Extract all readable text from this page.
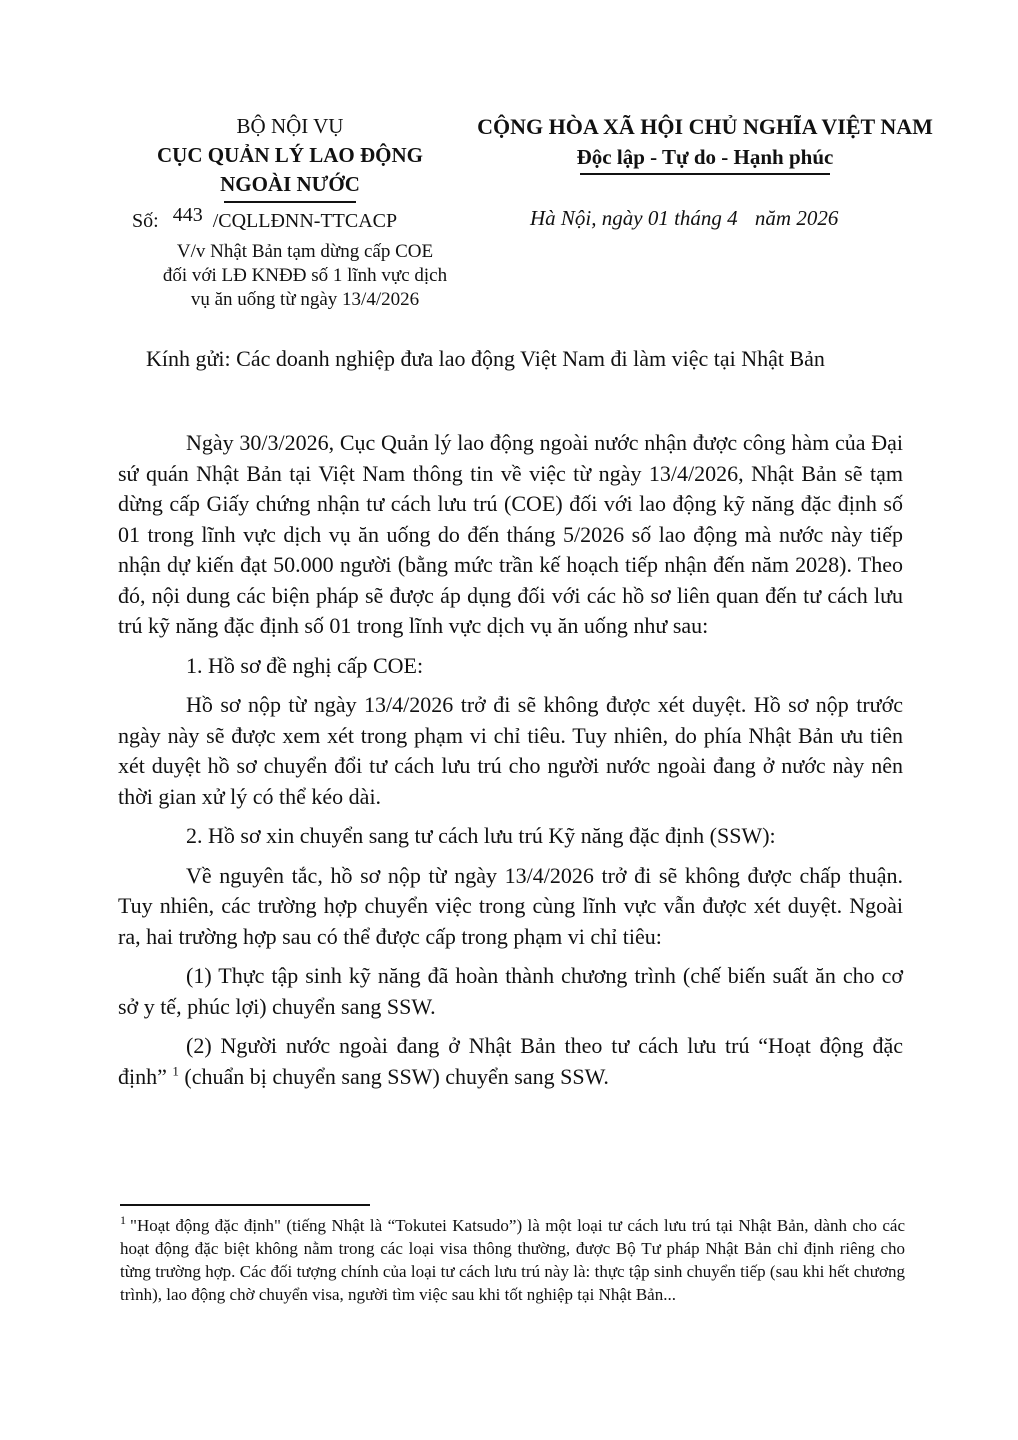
BỘ NỘI VỤ
CỤC QUẢN LÝ LAO ĐỘNG
NGOÀI NƯỚC
Số: 443 /CQLLĐNN-TTCACP
V/v Nhật Bản tạm dừng cấp COE
đối với LĐ KNĐĐ số 1 lĩnh vực dịch
vụ ăn uống từ ngày 13/4/2026
CỘNG HÒA XÃ HỘI CHỦ NGHĨA VIỆT NAM
Độc lập - Tự do - Hạnh phúc
Hà Nội, ngày 01 tháng 4 năm 2026
Kính gửi: Các doanh nghiệp đưa lao động Việt Nam đi làm việc tại Nhật Bản

Ngày 30/3/2026, Cục Quản lý lao động ngoài nước nhận được công hàm của Đại sứ quán Nhật Bản tại Việt Nam thông tin về việc từ ngày 13/4/2026, Nhật Bản sẽ tạm dừng cấp Giấy chứng nhận tư cách lưu trú (COE) đối với lao động kỹ năng đặc định số 01 trong lĩnh vực dịch vụ ăn uống do đến tháng 5/2026 số lao động mà nước này tiếp nhận dự kiến đạt 50.000 người (bằng mức trần kế hoạch tiếp nhận đến năm 2028). Theo đó, nội dung các biện pháp sẽ được áp dụng đối với các hồ sơ liên quan đến tư cách lưu trú kỹ năng đặc định số 01 trong lĩnh vực dịch vụ ăn uống như sau:

1. Hồ sơ đề nghị cấp COE:

Hồ sơ nộp từ ngày 13/4/2026 trở đi sẽ không được xét duyệt. Hồ sơ nộp trước ngày này sẽ được xem xét trong phạm vi chỉ tiêu. Tuy nhiên, do phía Nhật Bản ưu tiên xét duyệt hồ sơ chuyển đổi tư cách lưu trú cho người nước ngoài đang ở nước này nên thời gian xử lý có thể kéo dài.

2. Hồ sơ xin chuyển sang tư cách lưu trú Kỹ năng đặc định (SSW):

Về nguyên tắc, hồ sơ nộp từ ngày 13/4/2026 trở đi sẽ không được chấp thuận. Tuy nhiên, các trường hợp chuyển việc trong cùng lĩnh vực vẫn được xét duyệt. Ngoài ra, hai trường hợp sau có thể được cấp trong phạm vi chỉ tiêu:

(1) Thực tập sinh kỹ năng đã hoàn thành chương trình (chế biến suất ăn cho cơ sở y tế, phúc lợi) chuyển sang SSW.

(2) Người nước ngoài đang ở Nhật Bản theo tư cách lưu trú “Hoạt động đặc định” $^1$ (chuẩn bị chuyển sang SSW) chuyển sang SSW.

$^1$ "Hoạt động đặc định" (tiếng Nhật là “Tokutei Katsudo”) là một loại tư cách lưu trú tại Nhật Bản, dành cho các hoạt động đặc biệt không nằm trong các loại visa thông thường, được Bộ Tư pháp Nhật Bản chỉ định riêng cho từng trường hợp. Các đối tượng chính của loại tư cách lưu trú này là: thực tập sinh chuyển tiếp (sau khi hết chương trình), lao động chờ chuyển visa, người tìm việc sau khi tốt nghiệp tại Nhật Bản...
